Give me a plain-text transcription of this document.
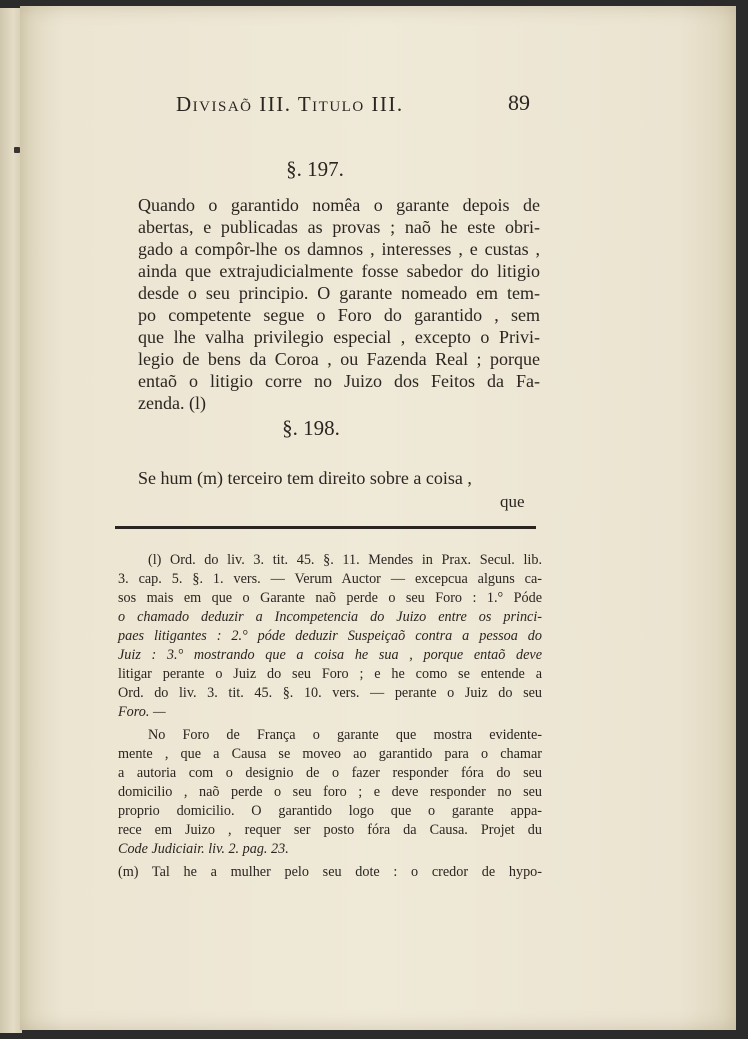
Divisaõ III. Titulo III.	89
§. 197.
Quando o garantido nomêa o garante depois de
abertas, e publicadas as provas ; naõ he este obri-
gado a compôr-lhe os damnos , interesses , e custas ,
ainda que extrajudicialmente fosse sabedor do litigio
desde o seu principio. O garante nomeado em tem-
po competente segue o Foro do garantido , sem
que lhe valha privilegio especial , excepto o Privi-
legio de bens da Coroa , ou Fazenda Real ; porque
entaõ o litigio corre no Juizo dos Feitos da Fa-
zenda. (l)
§. 198.
Se hum (m) terceiro tem direito sobre a coisa ,
que
(l) Ord. do liv. 3. tit. 45. §. 11. Mendes in Prax. Secul. lib.
3. cap. 5. §. 1. vers. — Verum Auctor — excepcua alguns ca-
sos mais em que o Garante naõ perde o seu Foro : 1.° Póde
o chamado deduzir a Incompetencia do Juizo entre os princi-
paes litigantes : 2.° póde deduzir Suspeiçaõ contra a pessoa do
Juiz : 3.° mostrando que a coisa he sua , porque entaõ deve
litigar perante o Juiz do seu Foro ; e he como se entende a
Ord. do liv. 3. tit. 45. §. 10. vers. — perante o Juiz do seu
Foro. —
No Foro de França o garante que mostra evidente-
mente , que a Causa se moveo ao garantido para o chamar
a autoria com o designio de o fazer responder fóra do seu
domicilio , naõ perde o seu foro ; e deve responder no seu
proprio domicilio. O garantido logo que o garante appa-
rece em Juizo , requer ser posto fóra da Causa. Projet du
Code Judiciair. liv. 2. pag. 23.
(m) Tal he a mulher pelo seu dote : o credor de hypo-
